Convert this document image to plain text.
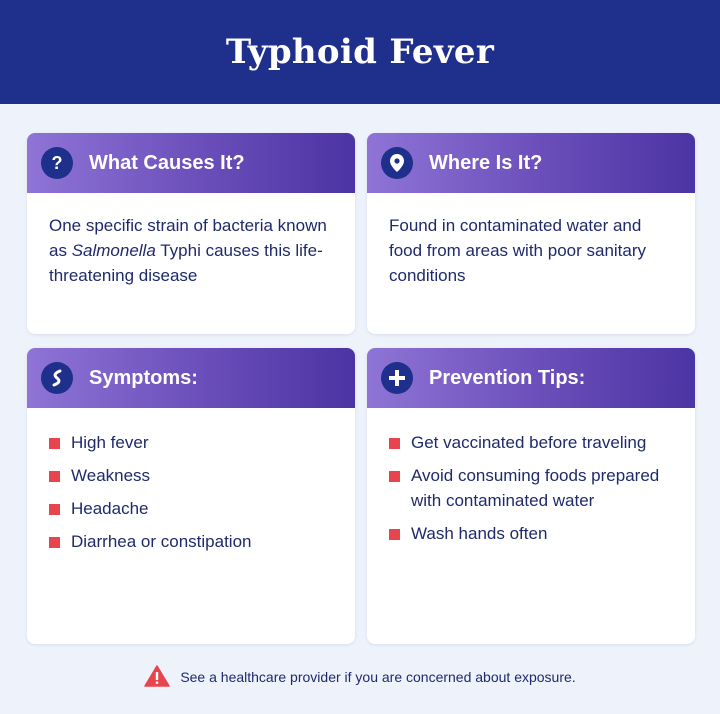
Typhoid Fever
?	What Causes It?
One specific strain of bacteria known as Salmonella Typhi causes this life-threatening disease
Where Is It?
Found in contaminated water and food from areas with poor sanitary conditions
Symptoms:
High fever
Weakness
Headache
Diarrhea or constipation
Prevention Tips:
Get vaccinated before traveling
Avoid consuming foods prepared with contaminated water
Wash hands often
See a healthcare provider if you are concerned about exposure.
